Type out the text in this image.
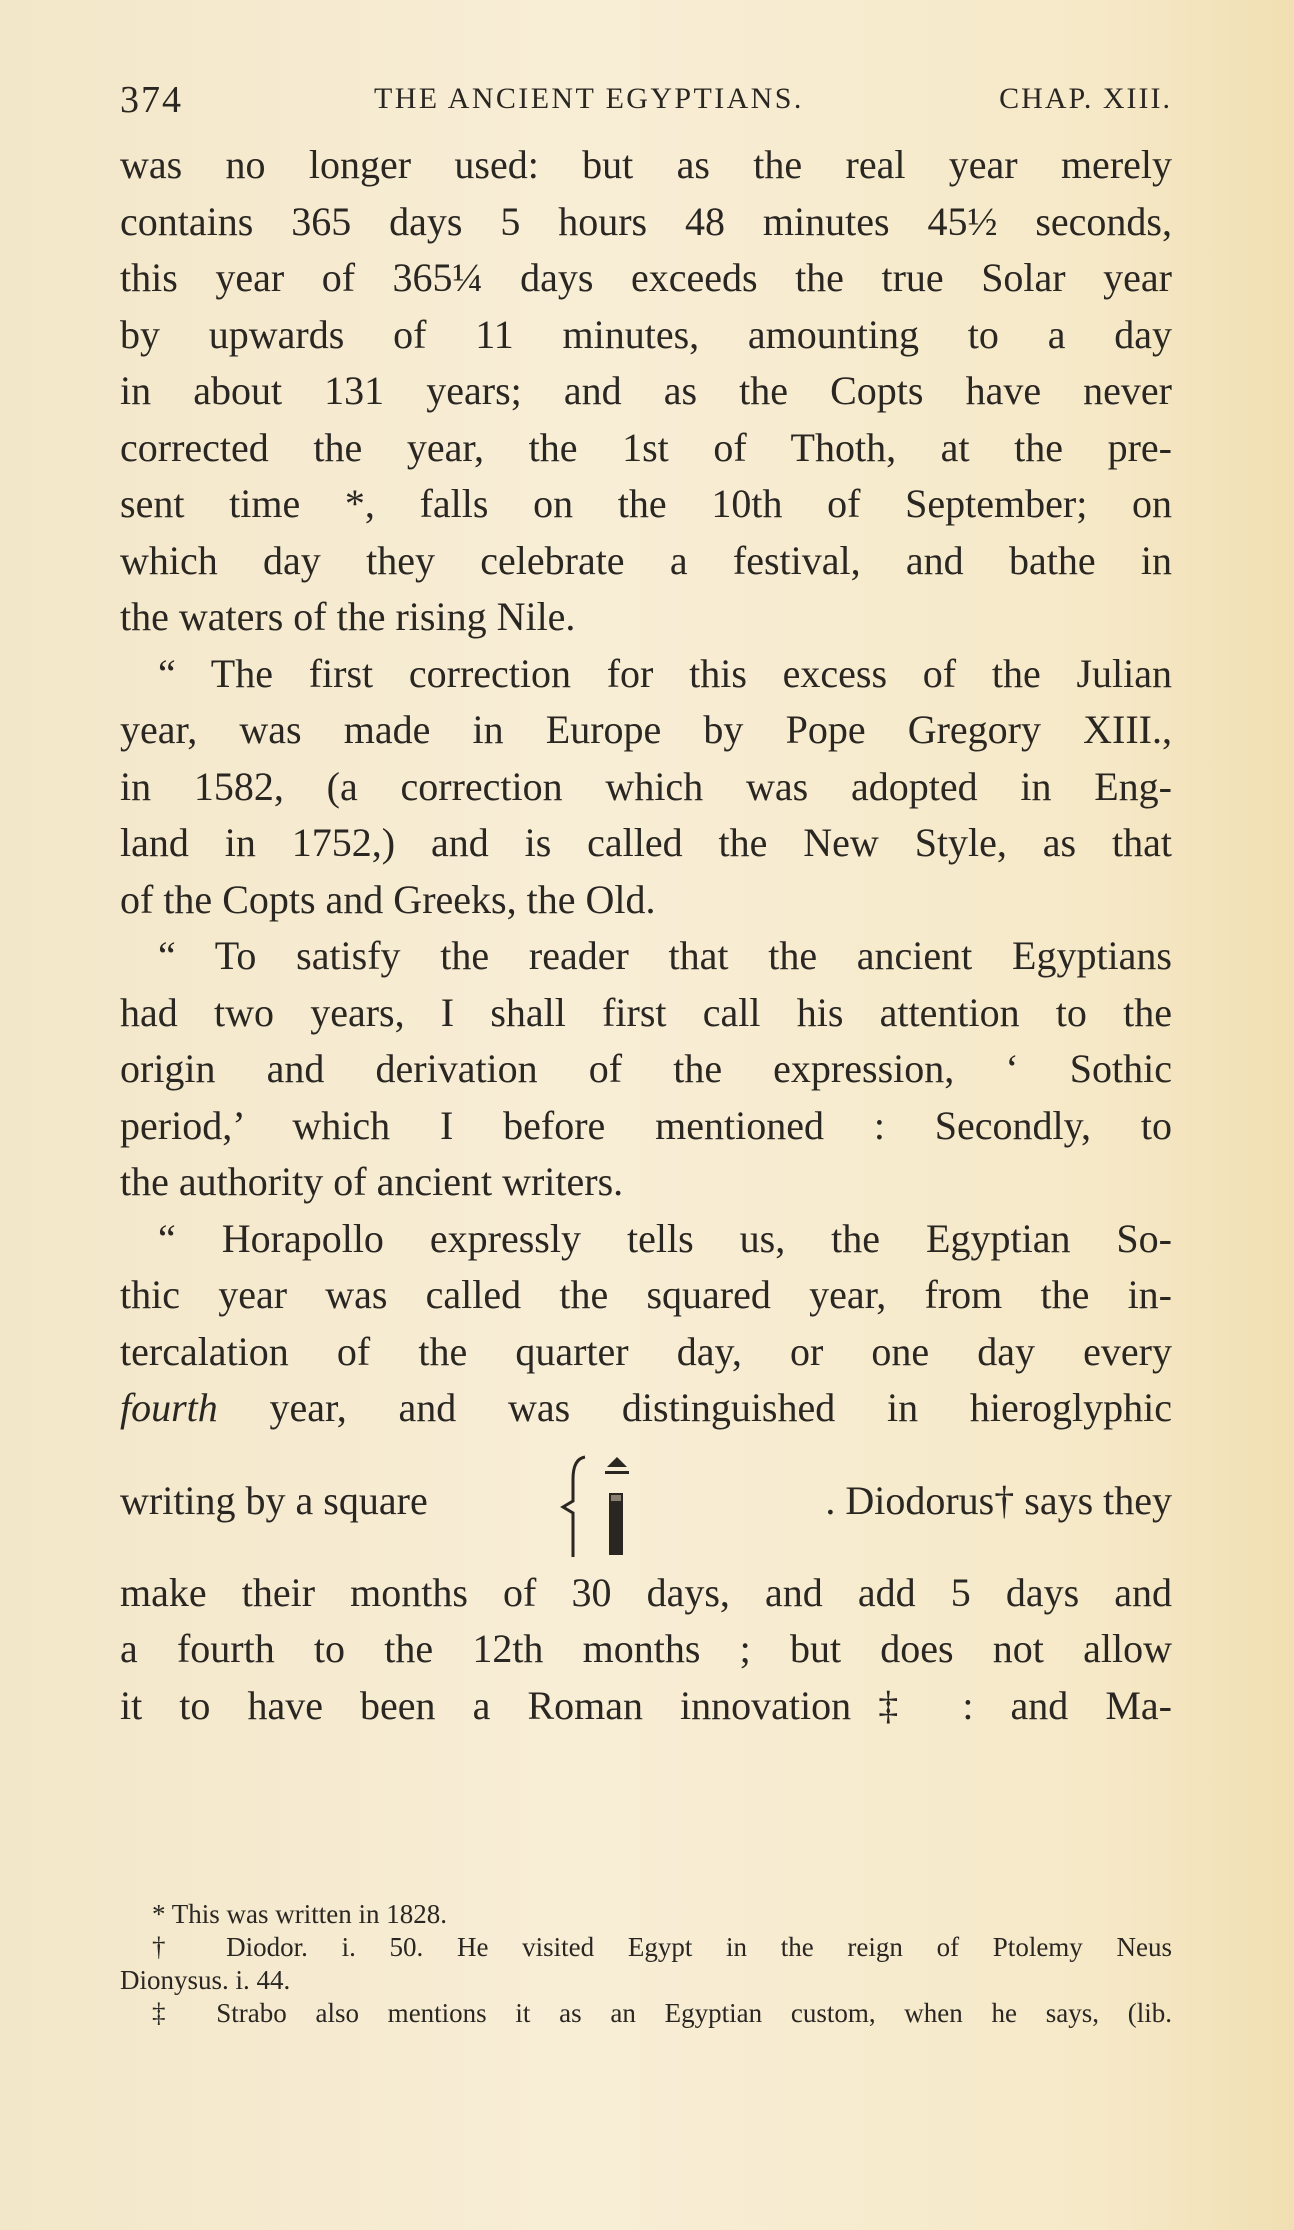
374	THE ANCIENT EGYPTIANS.	CHAP. XIII.
was no longer used: but as the real year merely
contains 365 days 5 hours 48 minutes 45½ seconds,
this year of 365¼ days exceeds the true Solar year
by upwards of 11 minutes, amounting to a day
in about 131 years; and as the Copts have never
corrected the year, the 1st of Thoth, at the pre-
sent time *, falls on the 10th of September; on
which day they celebrate a festival, and bathe in
the waters of the rising Nile.
“ The first correction for this excess of the Julian
year, was made in Europe by Pope Gregory XIII.,
in 1582, (a correction which was adopted in Eng-
land in 1752,) and is called the New Style, as that
of the Copts and Greeks, the Old.
“ To satisfy the reader that the ancient Egyptians
had two years, I shall first call his attention to the
origin and derivation of the expression, ‘ Sothic
period,’ which I before mentioned : Secondly, to
the authority of ancient writers.
“ Horapollo expressly tells us, the Egyptian So-
thic year was called the squared year, from the in-
tercalation of the quarter day, or one day every
fourth year, and was distinguished in hieroglyphic
writing by a square	. Diodorus† says they
make their months of 30 days, and add 5 days and
a fourth to the 12th months ; but does not allow
it to have been a Roman innovation‡ : and Ma-
* This was written in 1828.
† Diodor. i. 50. He visited Egypt in the reign of Ptolemy Neus
Dionysus. i. 44.
‡ Strabo also mentions it as an Egyptian custom, when he says, (lib.
